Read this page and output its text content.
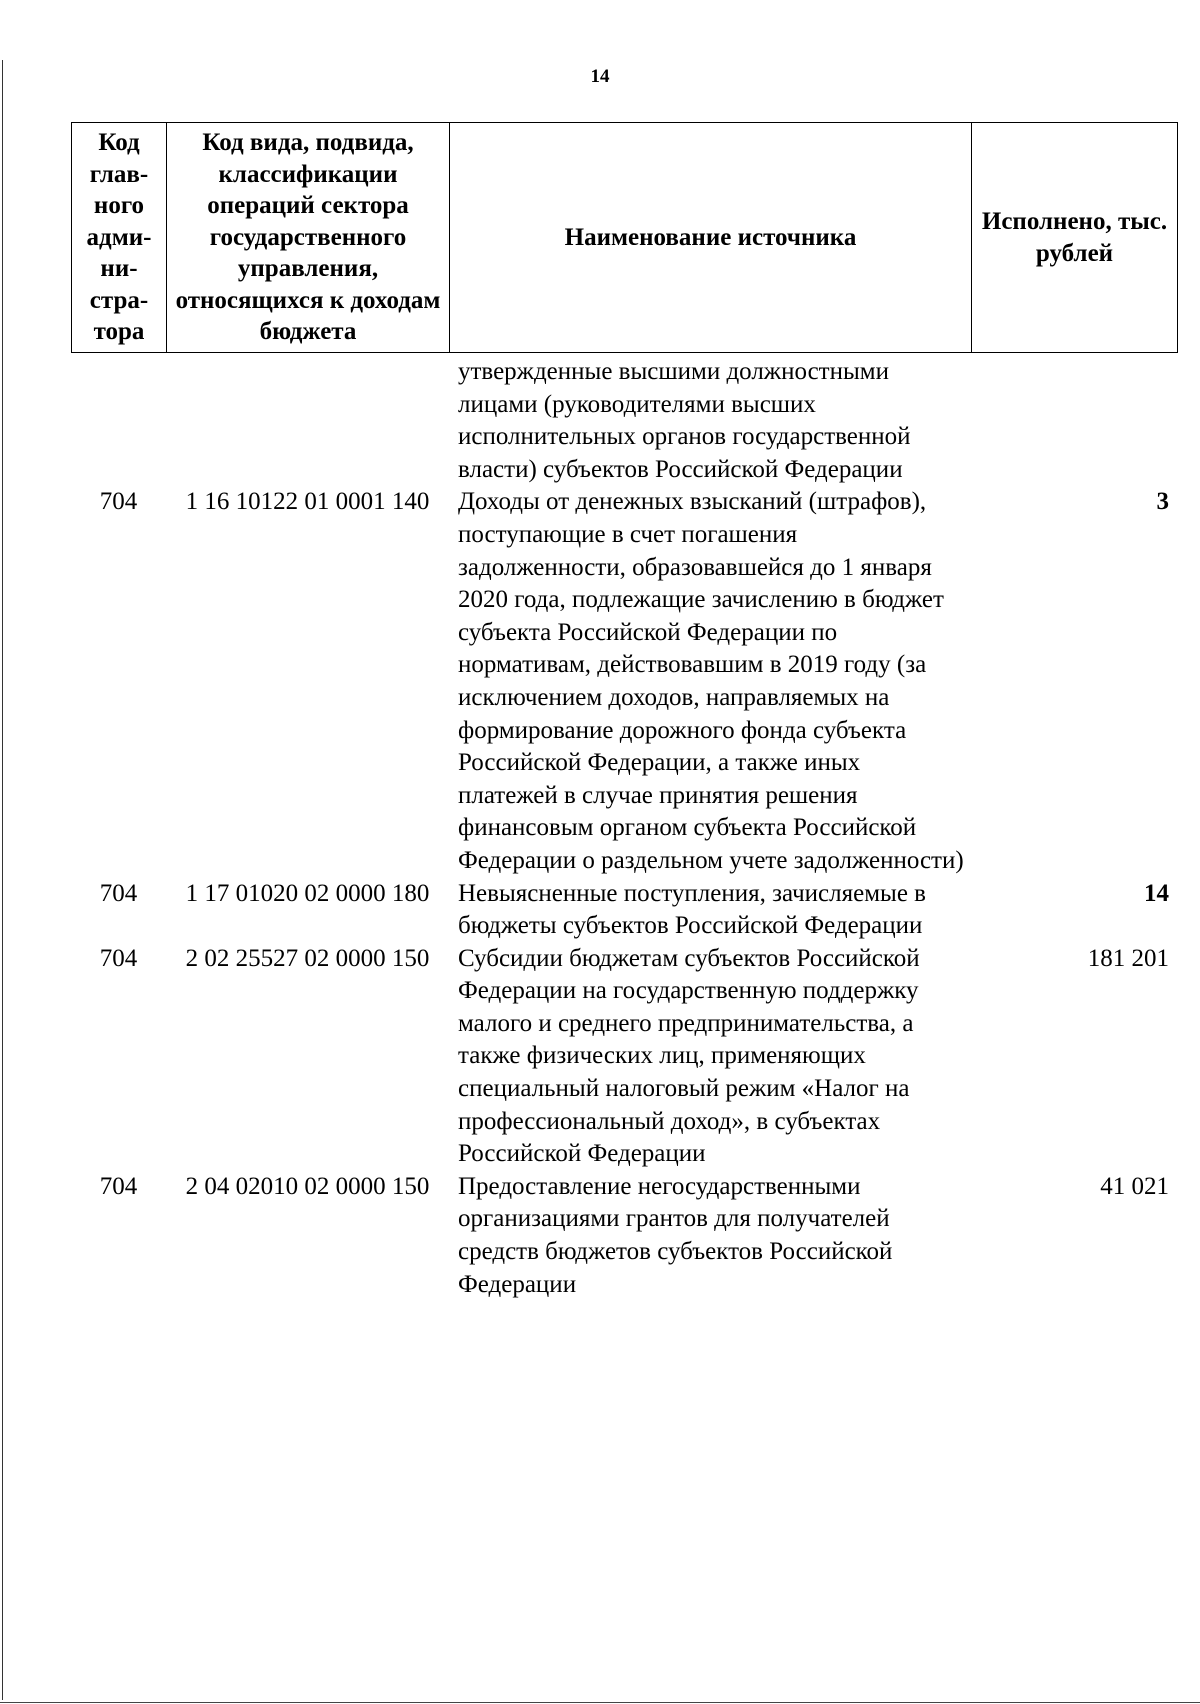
14
Код глав- ного адми- ни- стра- тора	Код вида, подвида, классификации операций сектора государственного управления, относящихся к доходам бюджета	Наименование источника	Исполнено, тыс. рублей
		утвержденные высшими должностными лицами (руководителями высших исполнительных органов государственной власти) субъектов Российской Федерации	
704	1 16 10122 01 0001 140	Доходы от денежных взысканий (штрафов), поступающие в счет погашения задолженности, образовавшейся до 1 января 2020 года, подлежащие зачислению в бюджет субъекта Российской Федерации по нормативам, действовавшим в 2019 году (за исключением доходов, направляемых на формирование дорожного фонда субъекта Российской Федерации, а также иных платежей в случае принятия решения финансовым органом субъекта Российской Федерации о раздельном учете задолженности)	3
704	1 17 01020 02 0000 180	Невыясненные поступления, зачисляемые в бюджеты субъектов Российской Федерации	14
704	2 02 25527 02 0000 150	Субсидии бюджетам субъектов Российской Федерации на государственную поддержку малого и среднего предпринимательства, а также физических лиц, применяющих специальный налоговый режим «Налог на профессиональный доход», в субъектах Российской Федерации	181 201
704	2 04 02010 02 0000 150	Предоставление негосударственными организациями грантов для получателей средств бюджетов субъектов Российской Федерации	41 021
